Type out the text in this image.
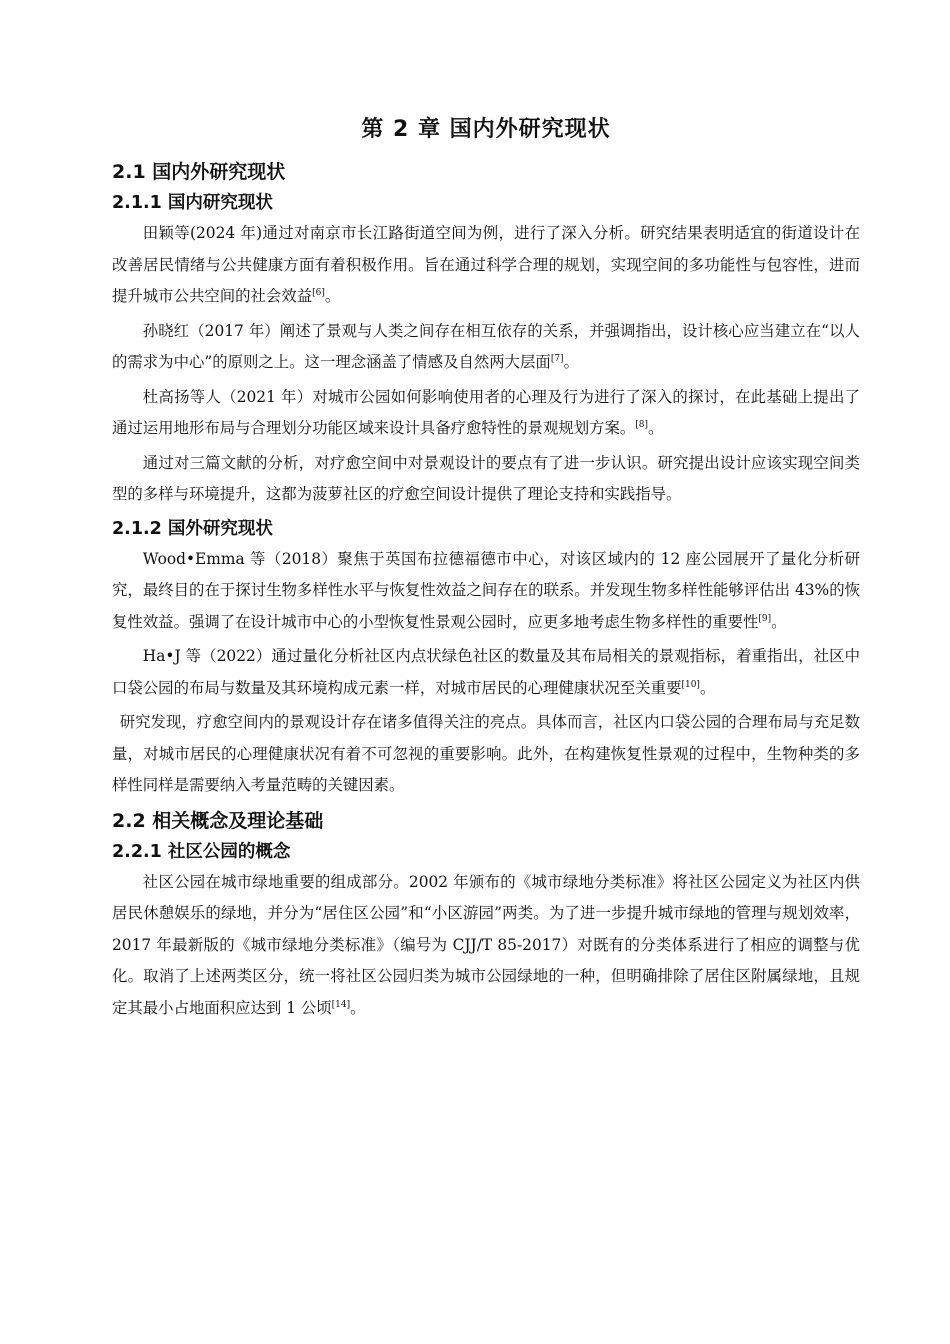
第 2 章 国内外研究现状
2.1 国内外研究现状
2.1.1 国内研究现状

田颖等(2024 年)通过对南京市长江路街道空间为例，进行了深入分析。研究结果表明适宜的街道设计在改善居民情绪与公共健康方面有着积极作用。旨在通过科学合理的规划，实现空间的多功能性与包容性，进而提升城市公共空间的社会效益[6]。

孙晓红（2017 年）阐述了景观与人类之间存在相互依存的关系，并强调指出，设计核心应当建立在“以人的需求为中心”的原则之上。这一理念涵盖了情感及自然两大层面[7]。

杜高扬等人（2021 年）对城市公园如何影响使用者的心理及行为进行了深入的探讨，在此基础上提出了通过运用地形布局与合理划分功能区域来设计具备疗愈特性的景观规划方案。[8]。

通过对三篇文献的分析，对疗愈空间中对景观设计的要点有了进一步认识。研究提出设计应该实现空间类型的多样与环境提升，这都为菠萝社区的疗愈空间设计提供了理论支持和实践指导。

2.1.2 国外研究现状

Wood•Emma 等（2018）聚焦于英国布拉德福德市中心，对该区域内的 12 座公园展开了量化分析研究，最终目的在于探讨生物多样性水平与恢复性效益之间存在的联系。并发现生物多样性能够评估出 43%的恢复性效益。强调了在设计城市中心的小型恢复性景观公园时，应更多地考虑生物多样性的重要性[9]。

Ha•J 等（2022）通过量化分析社区内点状绿色社区的数量及其布局相关的景观指标，着重指出，社区中口袋公园的布局与数量及其环境构成元素一样，对城市居民的心理健康状况至关重要[10]。

研究发现，疗愈空间内的景观设计存在诸多值得关注的亮点。具体而言，社区内口袋公园的合理布局与充足数量，对城市居民的心理健康状况有着不可忽视的重要影响。此外，在构建恢复性景观的过程中，生物种类的多样性同样是需要纳入考量范畴的关键因素。

2.2 相关概念及理论基础
2.2.1 社区公园的概念

社区公园在城市绿地重要的组成部分。2002 年颁布的《城市绿地分类标准》将社区公园定义为社区内供居民休憩娱乐的绿地，并分为“居住区公园”和“小区游园”两类。为了进一步提升城市绿地的管理与规划效率，2017 年最新版的《城市绿地分类标准》（编号为 CJJ/T 85-2017）对既有的分类体系进行了相应的调整与优化。取消了上述两类区分，统一将社区公园归类为城市公园绿地的一种，但明确排除了居住区附属绿地，且规定其最小占地面积应达到 1 公顷[14]。
